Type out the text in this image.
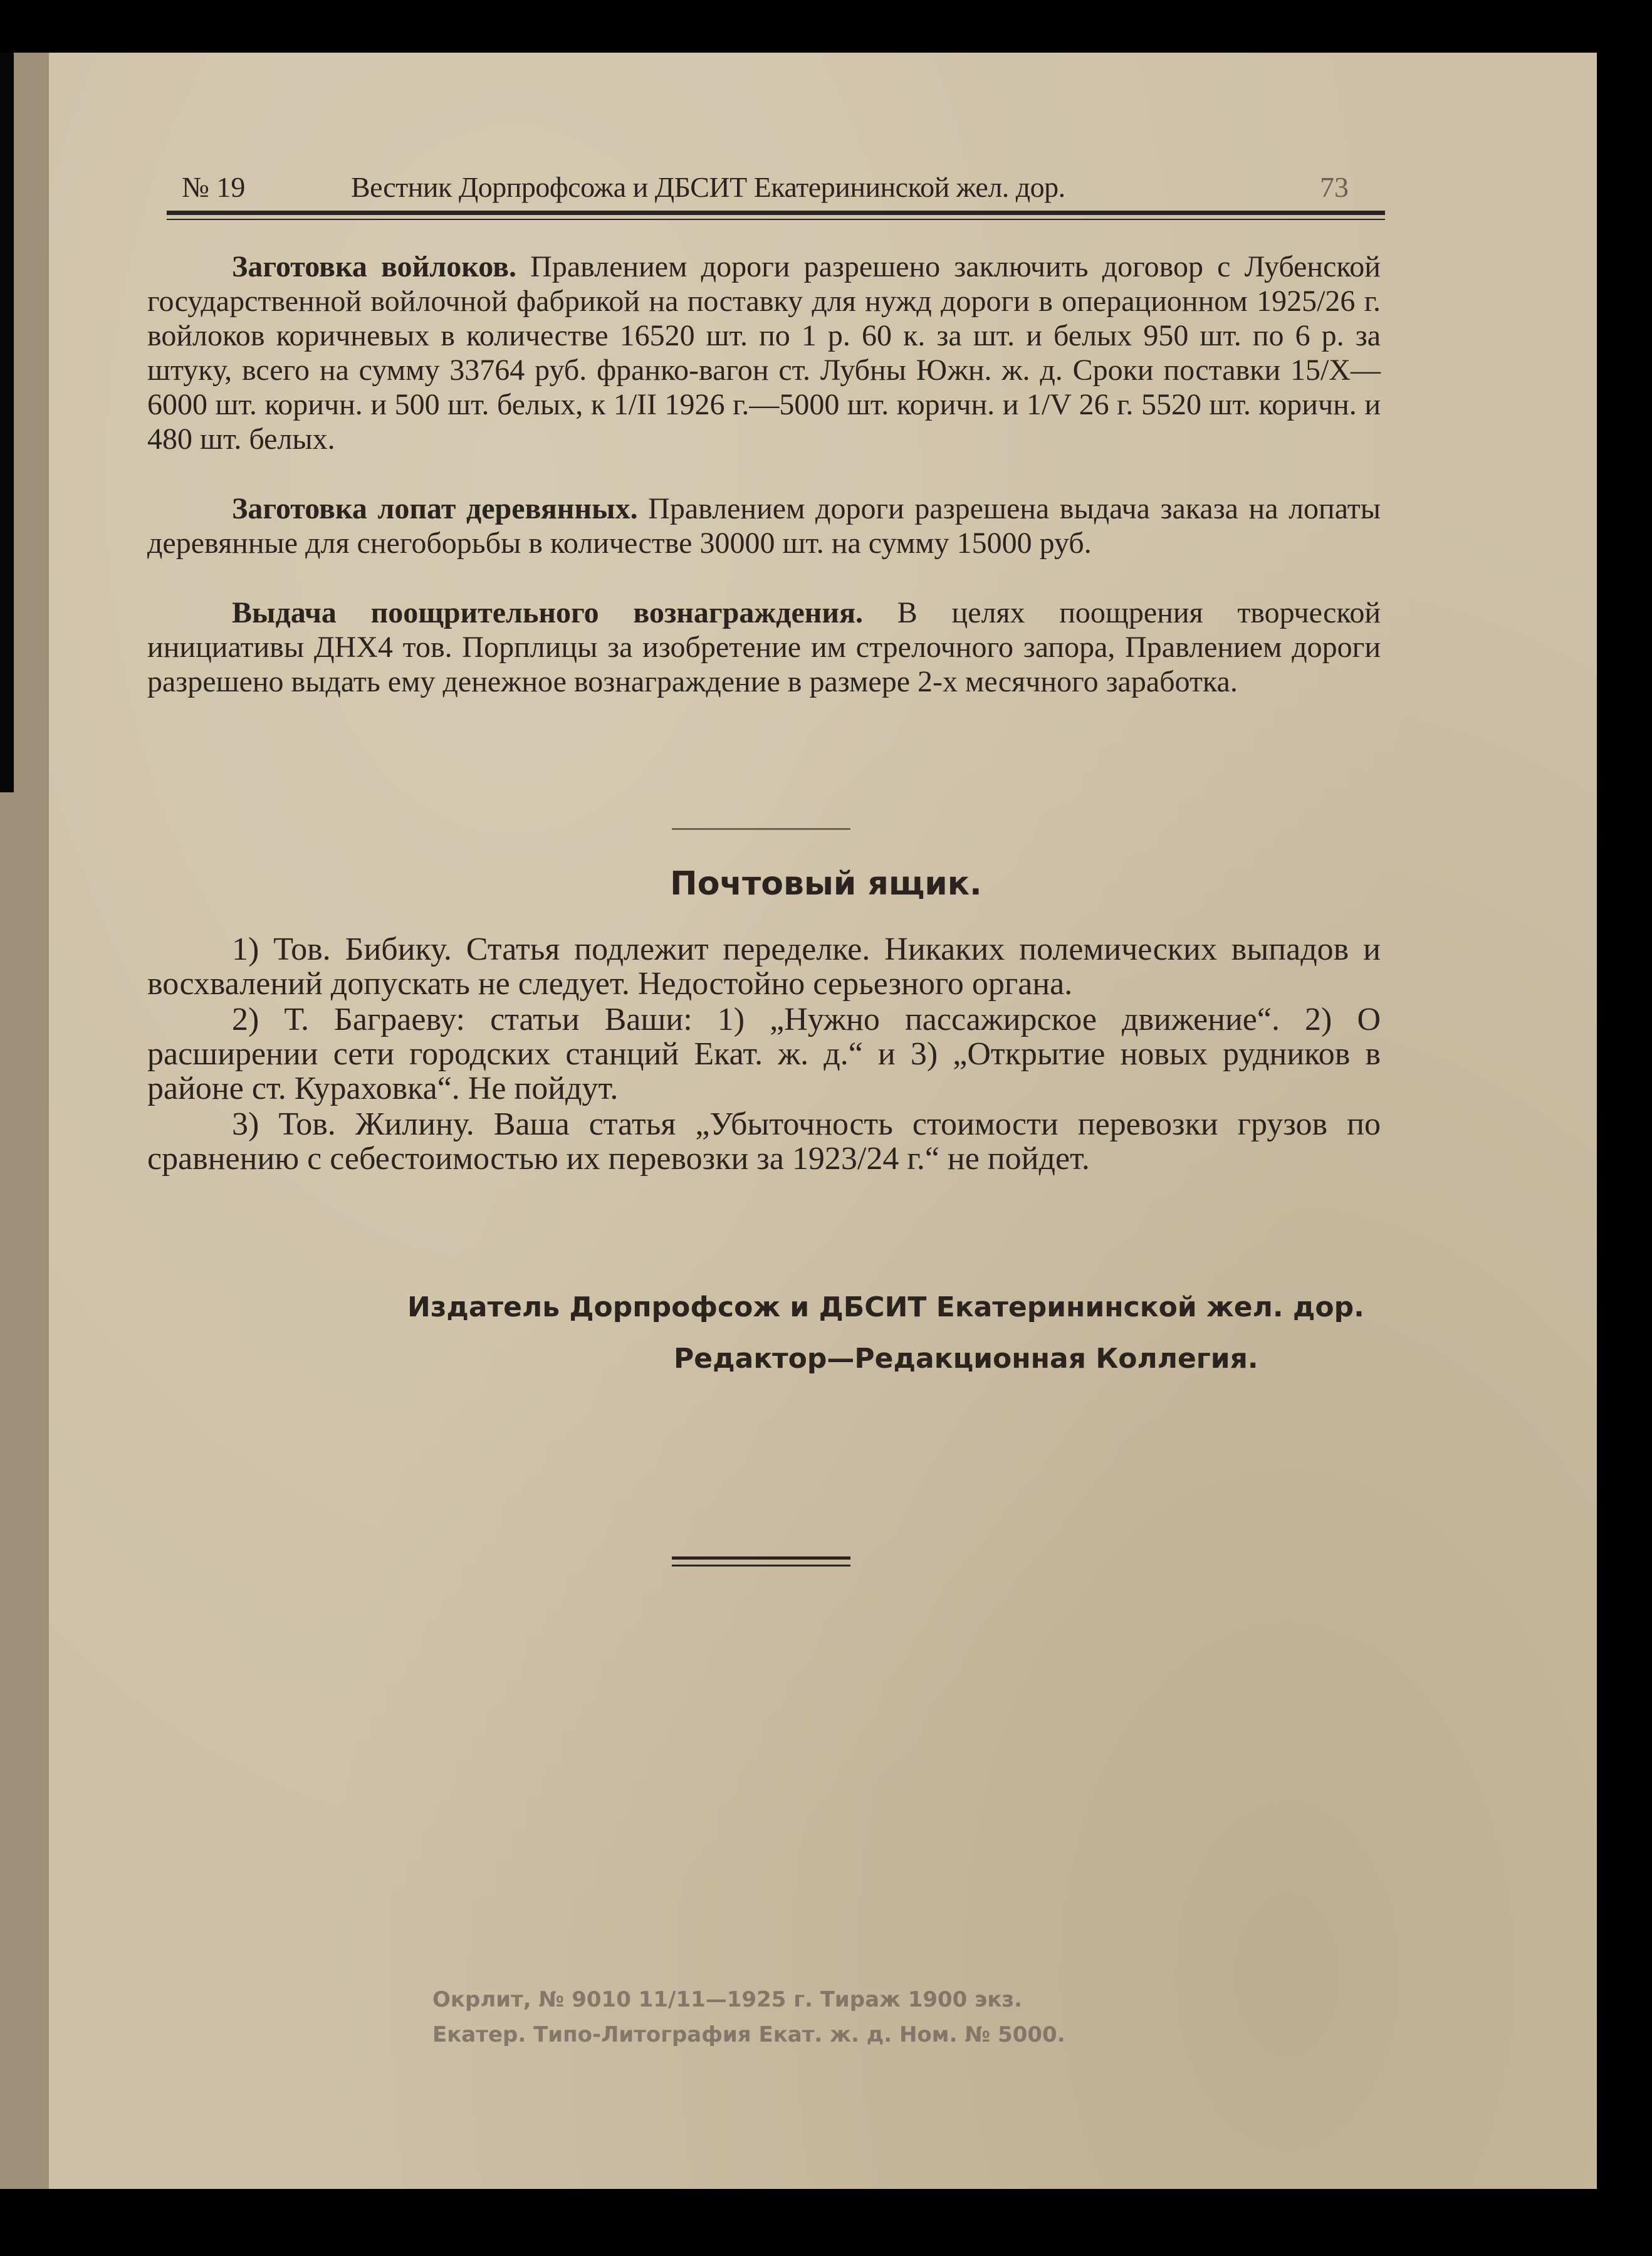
№ 19	Вестник Дорпрофсожа и ДБСИТ Екатерининской жел. дор.	73

Заготовка войлоков. Правлением дороги разрешено заключить договор с Лубенской государственной войлочной фабрикой на поставку для нужд дороги в операционном 1925/26 г. войлоков коричневых в количестве 16520 шт. по 1 р. 60 к. за шт. и белых 950 шт. по 6 р. за штуку, всего на сумму 33764 руб. франко-вагон ст. Лубны Южн. ж. д. Сроки поставки 15/X—6000 шт. коричн. и 500 шт. белых, к 1/II 1926 г.—5000 шт. коричн. и 1/V 26 г. 5520 шт. коричн. и 480 шт. белых.

Заготовка лопат деревянных. Правлением дороги разрешена выдача заказа на лопаты деревянные для снегоборьбы в количестве 30000 шт. на сумму 15000 руб.

Выдача поощрительного вознаграждения. В целях поощрения творческой инициативы ДНХ4 тов. Порплицы за изобретение им стрелочного запора, Правлением дороги разрешено выдать ему денежное вознаграждение в размере 2-х месячного заработка.

Почтовый ящик.

1) Тов. Бибику. Статья подлежит переделке. Никаких полемических выпадов и восхвалений допускать не следует. Недостойно серьезного органа.

2) Т. Баграеву: статьи Ваши: 1) „Нужно пассажирское движение“. 2) О расширении сети городских станций Екат. ж. д.“ и 3) „Открытие новых рудников в районе ст. Кураховка“. Не пойдут.

3) Тов. Жилину. Ваша статья „Убыточность стоимости перевозки грузов по сравнению с себестоимостью их перевозки за 1923/24 г.“ не пойдет.

Издатель Дорпрофсож и ДБСИТ Екатерининской жел. дор.
Редактор—Редакционная Коллегия.
Окрлит, № 9010 11/11—1925 г. Тираж 1900 экз.
Екатер. Типо-Литография Екат. ж. д. Ном. № 5000.
